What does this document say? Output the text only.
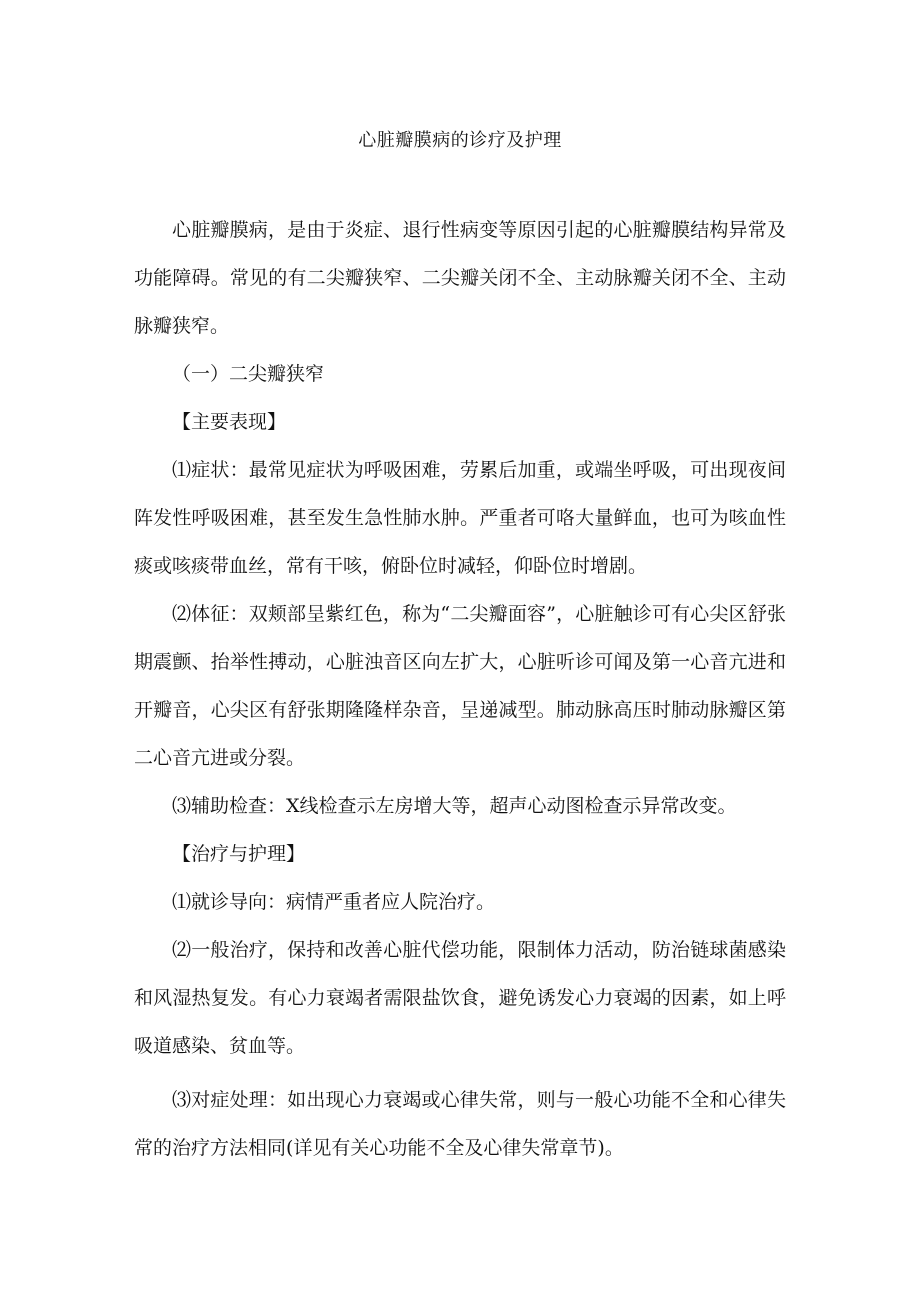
心脏瓣膜病的诊疗及护理

心脏瓣膜病，是由于炎症、退行性病变等原因引起的心脏瓣膜结构异常及功能障碍。常见的有二尖瓣狭窄、二尖瓣关闭不全、主动脉瓣关闭不全、主动脉瓣狭窄。

（一）二尖瓣狭窄

【主要表现】

⑴症状：最常见症状为呼吸困难，劳累后加重，或端坐呼吸，可出现夜间阵发性呼吸困难，甚至发生急性肺水肿。严重者可咯大量鲜血，也可为咳血性痰或咳痰带血丝，常有干咳，俯卧位时减轻，仰卧位时增剧。

⑵体征：双颊部呈紫红色，称为“二尖瓣面容”，心脏触诊可有心尖区舒张期震颤、抬举性搏动，心脏浊音区向左扩大，心脏听诊可闻及第一心音亢进和开瓣音，心尖区有舒张期隆隆样杂音，呈递减型。肺动脉高压时肺动脉瓣区第二心音亢进或分裂。

⑶辅助检查：X线检查示左房增大等，超声心动图检查示异常改变。

【治疗与护理】

⑴就诊导向：病情严重者应人院治疗。

⑵一般治疗，保持和改善心脏代偿功能，限制体力活动，防治链球菌感染和风湿热复发。有心力衰竭者需限盐饮食，避免诱发心力衰竭的因素，如上呼吸道感染、贫血等。

⑶对症处理：如出现心力衰竭或心律失常，则与一般心功能不全和心律失常的治疗方法相同(详见有关心功能不全及心律失常章节)。
